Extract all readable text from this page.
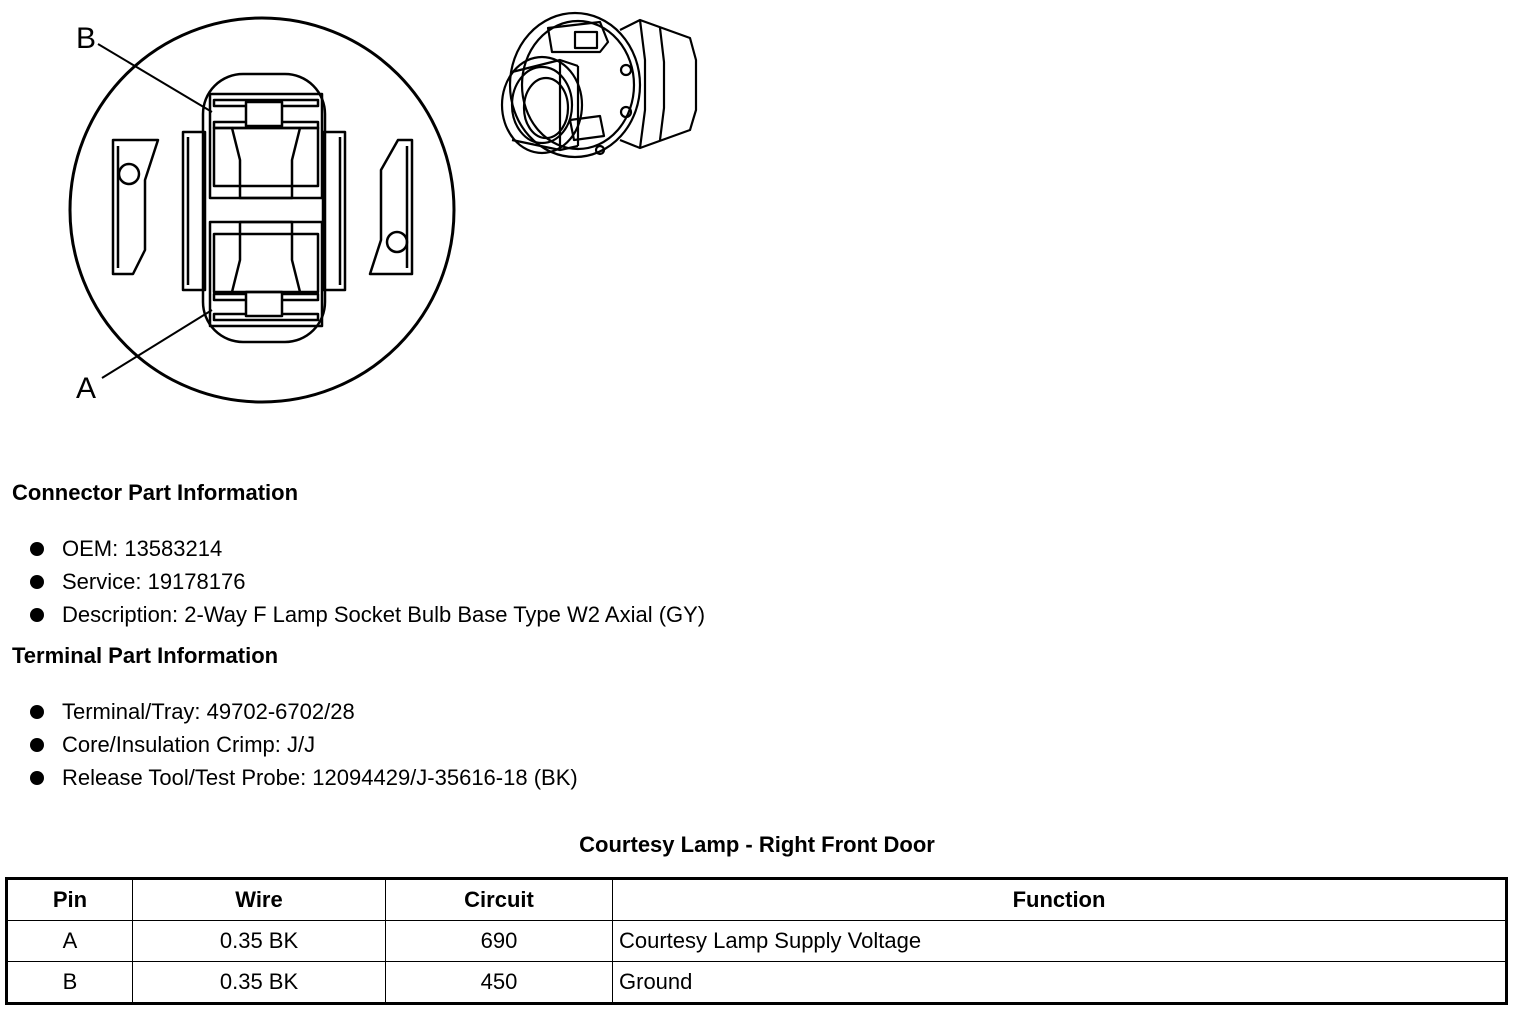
B
A
Connector Part Information
OEM: 13583214
Service: 19178176
Description: 2-Way F Lamp Socket Bulb Base Type W2 Axial (GY)
Terminal Part Information
Terminal/Tray: 49702-6702/28
Core/Insulation Crimp: J/J
Release Tool/Test Probe: 12094429/J-35616-18 (BK)
Courtesy Lamp - Right Front Door
Pin	Wire	Circuit	Function
A	0.35 BK	690	Courtesy Lamp Supply Voltage
B	0.35 BK	450	Ground
